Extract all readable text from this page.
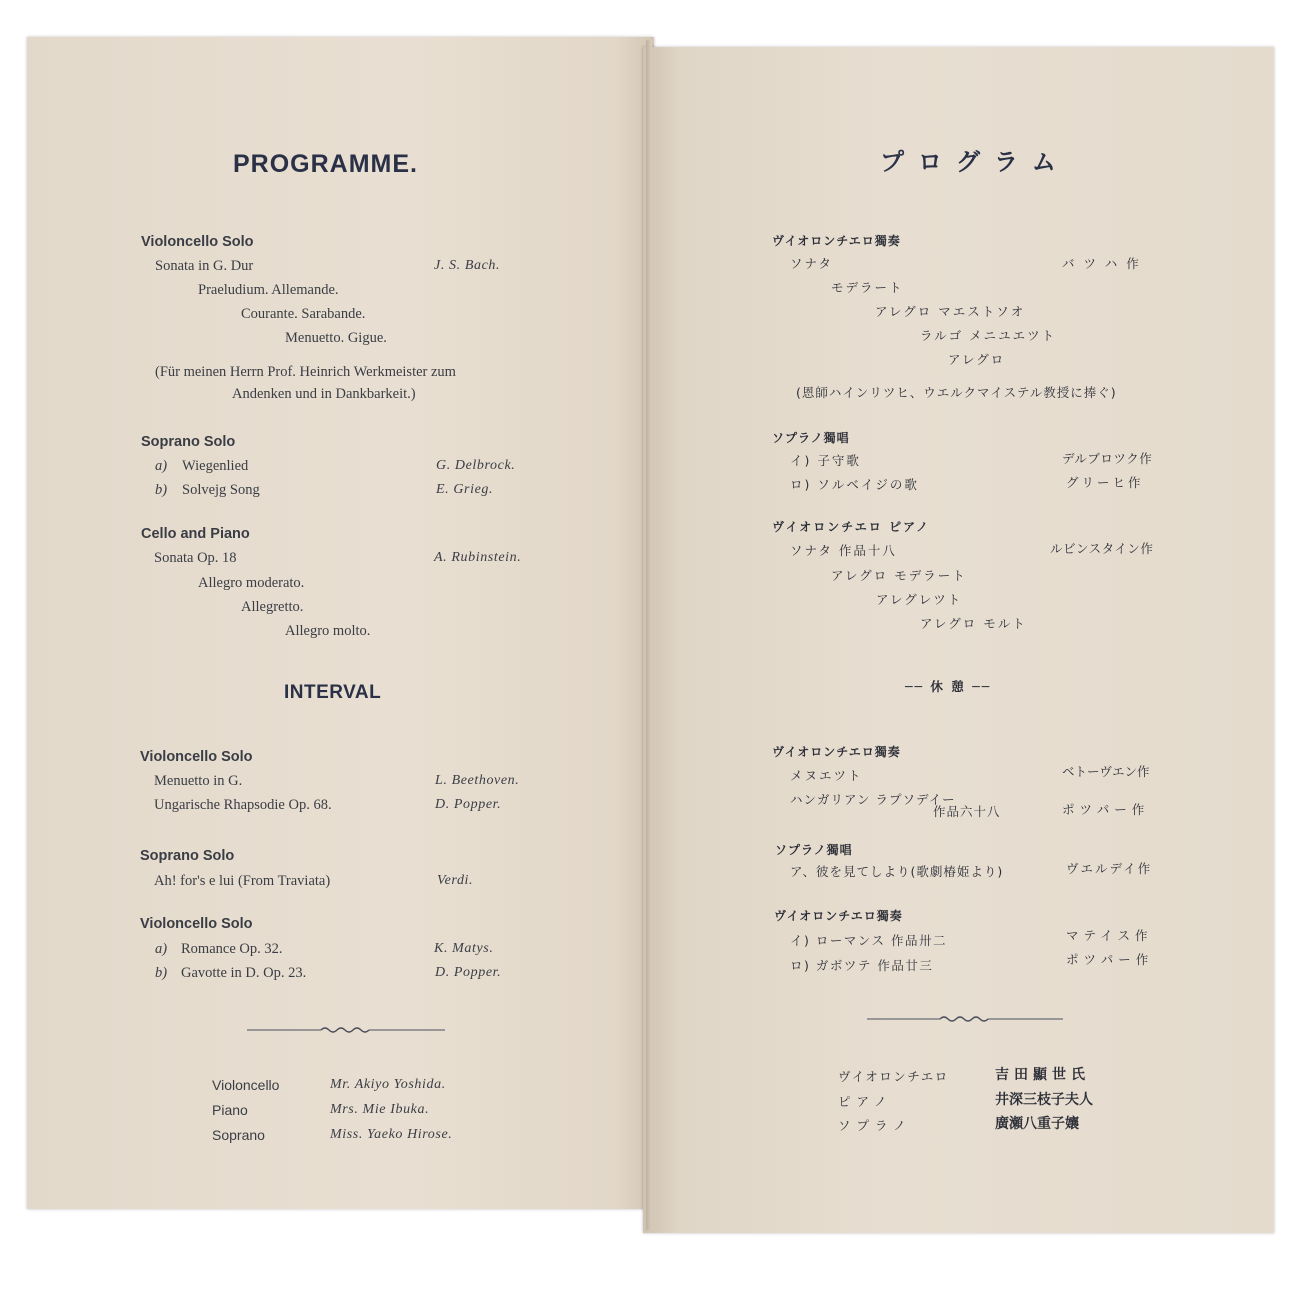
PROGRAMME.
Violoncello Solo
Sonata in G. Dur	J. S. Bach.
Praeludium. Allemande.
Courante. Sarabande.
Menuetto. Gigue.
(Für meinen Herrn Prof. Heinrich Werkmeister zum
Andenken und in Dankbarkeit.)
Soprano Solo
a) Wiegenlied	G. Delbrock.
b) Solvejg Song	E. Grieg.
Cello and Piano
Sonata Op. 18	A. Rubinstein.
Allegro moderato.
Allegretto.
Allegro molto.
INTERVAL
Violoncello Solo
Menuetto in G.	L. Beethoven.
Ungarische Rhapsodie Op. 68.	D. Popper.
Soprano Solo
Ah! for's e lui (From Traviata)	Verdi.
Violoncello Solo
a) Romance Op. 32.	K. Matys.
b) Gavotte in D. Op. 23.	D. Popper.
Violoncello	Mr. Akiyo Yoshida.
Piano	Mrs. Mie Ibuka.
Soprano	Miss. Yaeko Hirose.
プログラム
ヴイオロンチエロ獨奏
ソナタ	バツハ作
モデラート
アレグロ マエストソオ
ラルゴ メニユエツト
アレグロ
(恩師ハインリツヒ、ウエルクマイステル教授に捧ぐ)
ソプラノ獨唱
イ) 子守歌	デルブロツク作
ロ) ソルベイジの歌	グリーヒ作
ヴイオロンチエロ ピアノ
ソナタ 作品十八	ルビンスタイン作
アレグロ モデラート
アレグレツト
アレグロ モルト
── 休 憩 ──
ヴイオロンチエロ獨奏
メヌエツト	ベトーヴエン作
ハンガリアン ラプソデイー
作品六十八	ポツパー作
ソプラノ獨唱
ア、彼を見てしより(歌劇椿姫より)	ヴエルデイ作
ヴイオロンチエロ獨奏
イ) ローマンス 作品卅二	マテイス作
ロ) ガボツテ 作品廿三	ポツパー作
ヴイオロンチエロ	吉田顯世氏
ピアノ	井深三枝子夫人
ソプラノ	廣瀬八重子孃
